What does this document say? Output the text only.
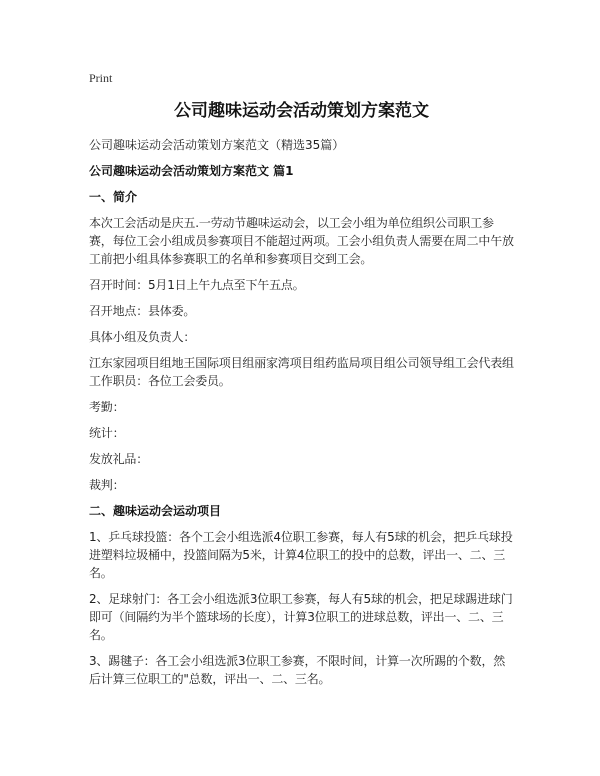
Print
公司趣味运动会活动策划方案范文
公司趣味运动会活动策划方案范文（精选35篇）
公司趣味运动会活动策划方案范文 篇1
一、简介
本次工会活动是庆五.一劳动节趣味运动会，以工会小组为单位组织公司职工参赛，每位工会小组成员参赛项目不能超过两项。工会小组负责人需要在周二中午放工前把小组具体参赛职工的名单和参赛项目交到工会。
召开时间：5月1日上午九点至下午五点。
召开地点：县体委。
具体小组及负责人：
江东家园项目组地王国际项目组丽家湾项目组药监局项目组公司领导组工会代表组工作职员：各位工会委员。
考勤：
统计：
发放礼品：
裁判：
二、趣味运动会运动项目
1、乒乓球投篮：各个工会小组选派4位职工参赛，每人有5球的机会，把乒乓球投进塑料垃圾桶中，投篮间隔为5米，计算4位职工的投中的总数，评出一、二、三名。
2、足球射门：各工会小组选派3位职工参赛，每人有5球的机会，把足球踢进球门即可（间隔约为半个篮球场的长度），计算3位职工的进球总数，评出一、二、三名。
3、踢毽子：各工会小组选派3位职工参赛，不限时间，计算一次所踢的个数，然后计算三位职工的"总数，评出一、二、三名。
